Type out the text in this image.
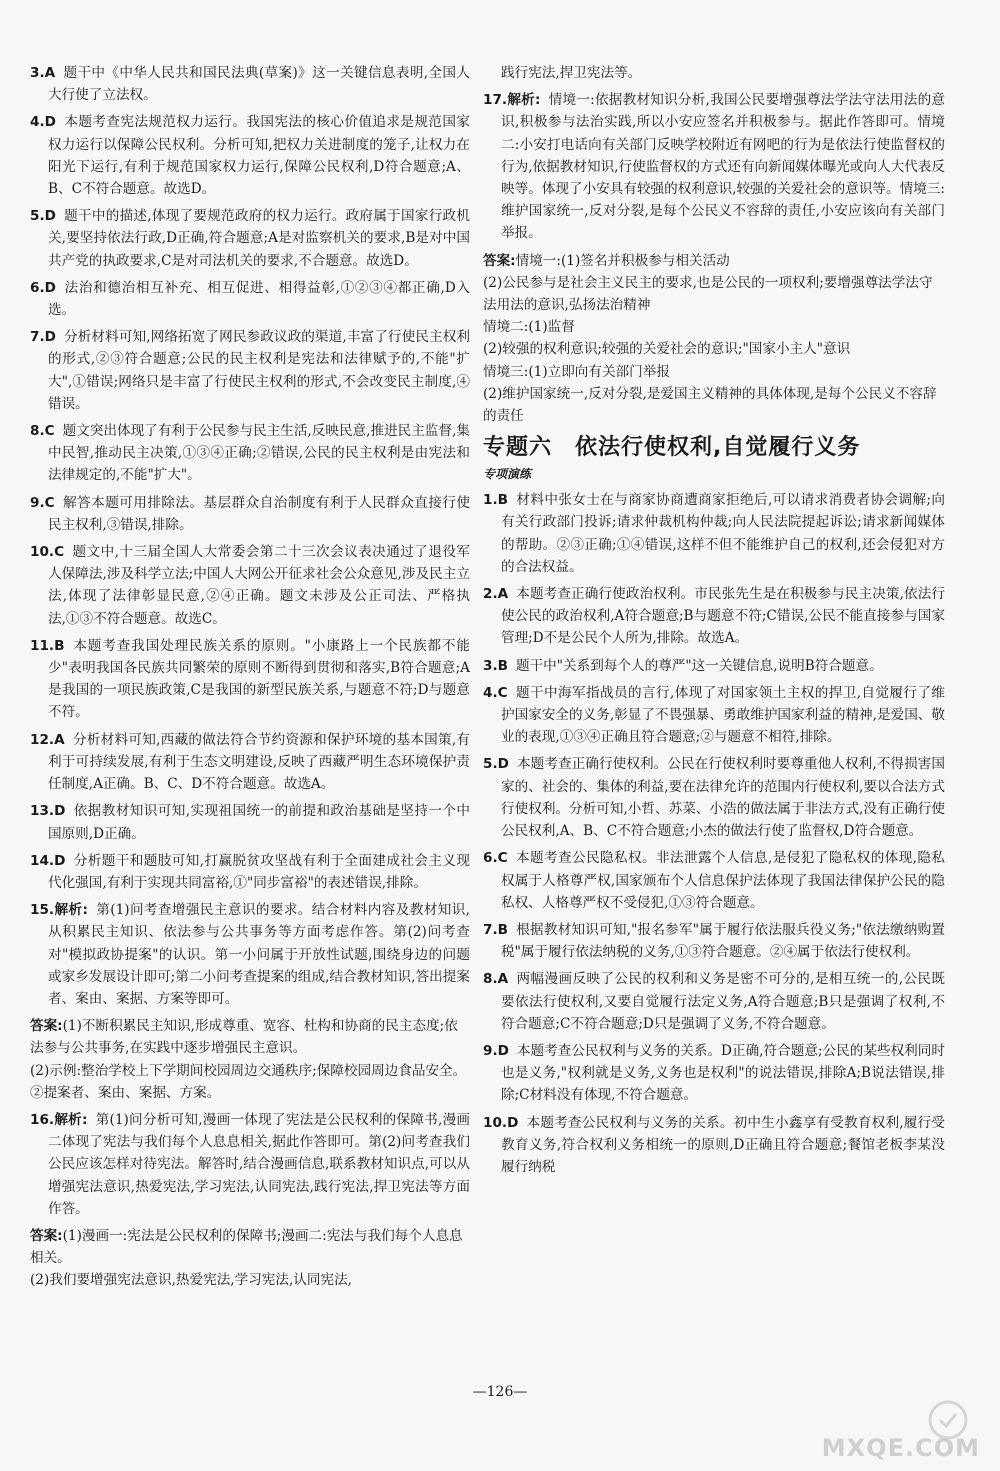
3.A 题干中《中华人民共和国民法典(草案)》这一关键信息表明,全国人大行使了立法权。
4.D 本题考查宪法规范权力运行。我国宪法的核心价值追求是规范国家权力运行以保障公民权利。分析可知,把权力关进制度的笼子,让权力在阳光下运行,有利于规范国家权力运行,保障公民权利,D符合题意;A、B、C不符合题意。故选D。
5.D 题干中的描述,体现了要规范政府的权力运行。政府属于国家行政机关,要坚持依法行政,D正确,符合题意;A是对监察机关的要求,B是对中国共产党的执政要求,C是对司法机关的要求,不合题意。故选D。
6.D 法治和德治相互补充、相互促进、相得益彰,①②③④都正确,D入选。
7.D 分析材料可知,网络拓宽了网民参政议政的渠道,丰富了行使民主权利的形式,②③符合题意;公民的民主权利是宪法和法律赋予的,不能"扩大",①错误;网络只是丰富了行使民主权利的形式,不会改变民主制度,④错误。
8.C 题文突出体现了有利于公民参与民主生活,反映民意,推进民主监督,集中民智,推动民主决策,①③④正确;②错误,公民的民主权利是由宪法和法律规定的,不能"扩大"。
9.C 解答本题可用排除法。基层群众自治制度有利于人民群众直接行使民主权利,③错误,排除。
10.C 题文中,十三届全国人大常委会第二十三次会议表决通过了退役军人保障法,涉及科学立法;中国人大网公开征求社会公众意见,涉及民主立法,体现了法律彰显民意,②④正确。题文未涉及公正司法、严格执法,①③不符合题意。故选C。
11.B 本题考查我国处理民族关系的原则。"小康路上一个民族都不能少"表明我国各民族共同繁荣的原则不断得到贯彻和落实,B符合题意;A是我国的一项民族政策,C是我国的新型民族关系,与题意不符;D与题意不符。
12.A 分析材料可知,西藏的做法符合节约资源和保护环境的基本国策,有利于可持续发展,有利于生态文明建设,反映了西藏严明生态环境保护责任制度,A正确。B、C、D不符合题意。故选A。
13.D 依据教材知识可知,实现祖国统一的前提和政治基础是坚持一个中国原则,D正确。
14.D 分析题干和题肢可知,打赢脱贫攻坚战有利于全面建成社会主义现代化强国,有利于实现共同富裕,①"同步富裕"的表述错误,排除。
15.解析: 第(1)问考查增强民主意识的要求。结合材料内容及教材知识,从积累民主知识、依法参与公共事务等方面考虑作答。第(2)问考查对"模拟政协提案"的认识。第一小问属于开放性试题,围绕身边的问题或家乡发展设计即可;第二小问考查提案的组成,结合教材知识,答出提案者、案由、案据、方案等即可。
答案:(1)不断积累民主知识,形成尊重、宽容、杜构和协商的民主态度;依法参与公共事务,在实践中逐步增强民主意识。
(2)示例:整治学校上下学期间校园周边交通秩序;保障校园周边食品安全。②提案者、案由、案据、方案。
16.解析: 第(1)问分析可知,漫画一体现了宪法是公民权利的保障书,漫画二体现了宪法与我们每个人息息相关,据此作答即可。第(2)问考查我们公民应该怎样对待宪法。解答时,结合漫画信息,联系教材知识点,可以从增强宪法意识,热爱宪法,学习宪法,认同宪法,践行宪法,捍卫宪法等方面作答。
答案:(1)漫画一:宪法是公民权利的保障书;漫画二:宪法与我们每个人息息相关。
(2)我们要增强宪法意识,热爱宪法,学习宪法,认同宪法,
践行宪法,捍卫宪法等。
17.解析: 情境一:依据教材知识分析,我国公民要增强尊法学法守法用法的意识,积极参与法治实践,所以小安应签名并积极参与。据此作答即可。情境二:小安打电话向有关部门反映学校附近有网吧的行为是依法行使监督权的行为,依据教材知识,行使监督权的方式还有向新闻媒体曝光或向人大代表反映等。体现了小安具有较强的权利意识,较强的关爱社会的意识等。情境三:维护国家统一,反对分裂,是每个公民义不容辞的责任,小安应该向有关部门举报。
答案:情境一:(1)签名并积极参与相关活动
(2)公民参与是社会主义民主的要求,也是公民的一项权利;要增强尊法学法守法用法的意识,弘扬法治精神
情境二:(1)监督
(2)较强的权利意识;较强的关爱社会的意识;"国家小主人"意识
情境三:(1)立即向有关部门举报
(2)维护国家统一,反对分裂,是爱国主义精神的具体体现,是每个公民义不容辞的责任
专题六　依法行使权利,自觉履行义务
专项演练
1.B 材料中张女士在与商家协商遭商家拒绝后,可以请求消费者协会调解;向有关行政部门投诉;请求仲裁机构仲裁;向人民法院提起诉讼;请求新闻媒体的帮助。②③正确;①④错误,这样不但不能维护自己的权利,还会侵犯对方的合法权益。
2.A 本题考查正确行使政治权利。市民张先生是在积极参与民主决策,依法行使公民的政治权利,A符合题意;B与题意不符;C错误,公民不能直接参与国家管理;D不是公民个人所为,排除。故选A。
3.B 题干中"关系到每个人的尊严"这一关键信息,说明B符合题意。
4.C 题干中海军指战员的言行,体现了对国家领土主权的捍卫,自觉履行了维护国家安全的义务,彰显了不畏强暴、勇敢维护国家利益的精神,是爱国、敬业的表现,①③④正确且符合题意;②与题意不相符,排除。
5.D 本题考查正确行使权利。公民在行使权利时要尊重他人权利,不得损害国家的、社会的、集体的利益,要在法律允许的范围内行使权利,要以合法方式行使权利。分析可知,小哲、苏菜、小浩的做法属于非法方式,没有正确行使公民权利,A、B、C不符合题意;小杰的做法行使了监督权,D符合题意。
6.C 本题考查公民隐私权。非法泄露个人信息,是侵犯了隐私权的体现,隐私权属于人格尊严权,国家颁布个人信息保护法体现了我国法律保护公民的隐私权、人格尊严权不受侵犯,①③符合题意。
7.B 根据教材知识可知,"报名参军"属于履行依法服兵役义务;"依法缴纳购置税"属于履行依法纳税的义务,①③符合题意。②④属于依法行使权利。
8.A 两幅漫画反映了公民的权利和义务是密不可分的,是相互统一的,公民既要依法行使权利,又要自觉履行法定义务,A符合题意;B只是强调了权利,不符合题意;C不符合题意;D只是强调了义务,不符合题意。
9.D 本题考查公民权利与义务的关系。D正确,符合题意;公民的某些权利同时也是义务,"权利就是义务,义务也是权利"的说法错误,排除A;B说法错误,排除;C材料没有体现,不符合题意。
10.D 本题考查公民权利与义务的关系。初中生小鑫享有受教育权利,履行受教育义务,符合权利义务相统一的原则,D正确且符合题意;餐馆老板李某没履行纳税
—126—
MXQE.COM
